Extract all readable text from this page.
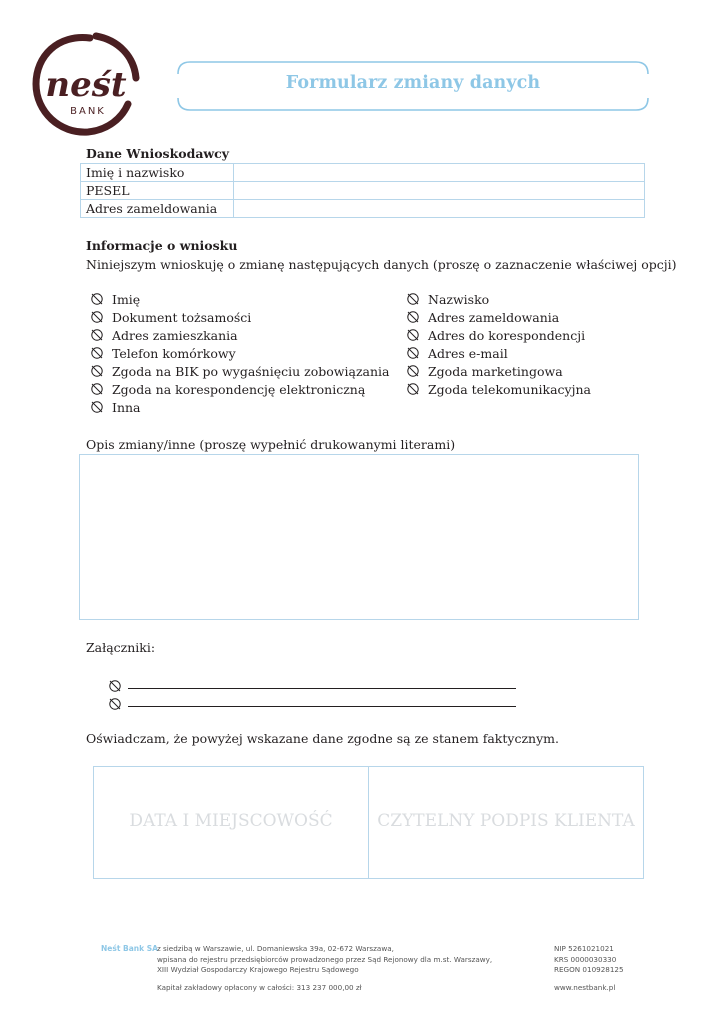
neśt
BANK
Formularz zmiany danych
Dane Wnioskodawcy
Imię i nazwisko	
PESEL	
Adres zameldowania	
Informacje o wniosku
Niniejszym wnioskuję o zmianę następujących danych (proszę o zaznaczenie właściwej opcji)
Imię
Dokument tożsamości
Adres zamieszkania
Telefon komórkowy
Zgoda na BIK po wygaśnięciu zobowiązania
Zgoda na korespondencję elektroniczną
Inna
Nazwisko
Adres zameldowania
Adres do korespondencji
Adres e-mail
Zgoda marketingowa
Zgoda telekomunikacyjna
Opis zmiany/inne (proszę wypełnić drukowanymi literami)
Załączniki:
Oświadczam, że powyżej wskazane dane zgodne są ze stanem faktycznym.
DATA I MIEJSCOWOŚĆ	CZYTELNY PODPIS KLIENTA
Neśt Bank SA z siedzibą w Warszawie, ul. Domaniewska 39a, 02-672 Warszawa,
wpisana do rejestru przedsiębiorców prowadzonego przez Sąd Rejonowy dla m.st. Warszawy,
XIII Wydział Gospodarczy Krajowego Rejestru Sądowego
Kapitał zakładowy opłacony w całości: 313 237 000,00 zł
NIP 5261021021
KRS 0000030330
REGON 010928125
www.nestbank.pl
